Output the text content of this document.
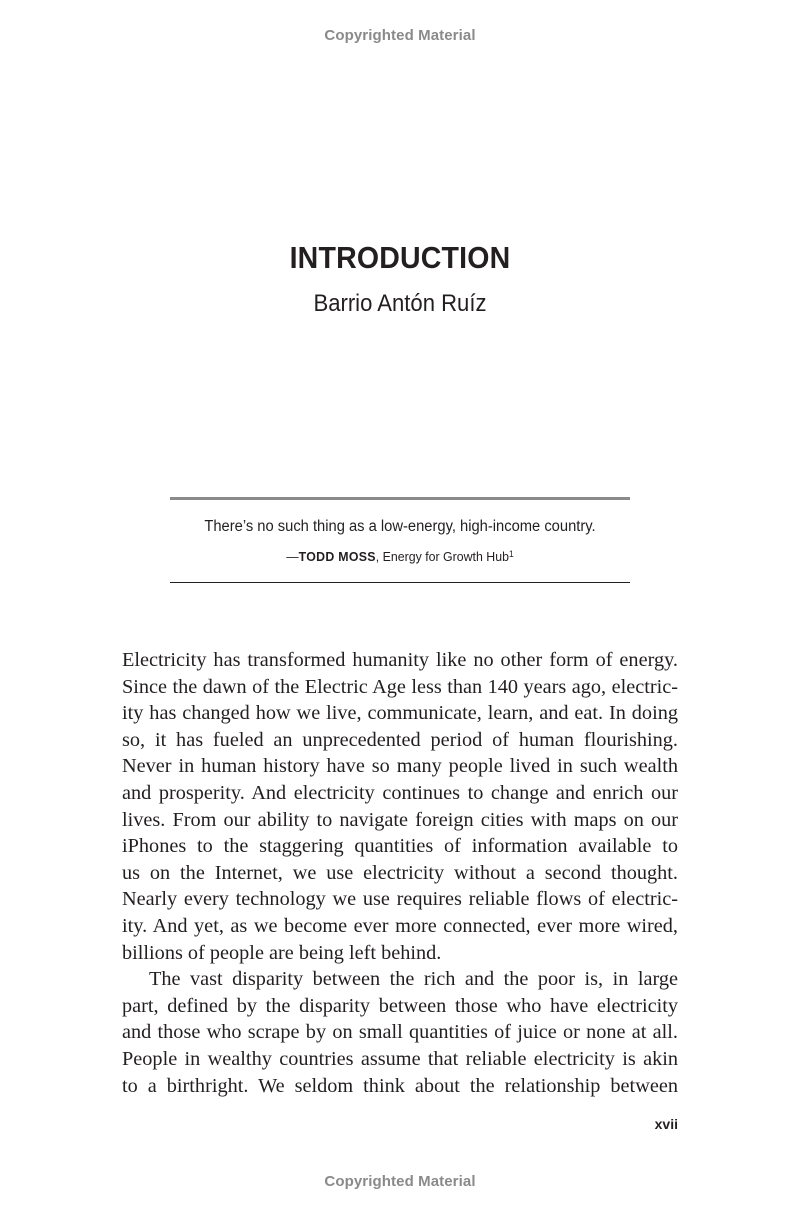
Copyrighted Material
INTRODUCTION
Barrio Antón Ruíz
There’s no such thing as a low-energy, high-income country.
—TODD MOSS, Energy for Growth Hub$^1$

Electricity has transformed humanity like no other form of energy.
Since the dawn of the Electric Age less than 140 years ago, electric-
ity has changed how we live, communicate, learn, and eat. In doing
so, it has fueled an unprecedented period of human flourishing.
Never in human history have so many people lived in such wealth
and prosperity. And electricity continues to change and enrich our
lives. From our ability to navigate foreign cities with maps on our
iPhones to the staggering quantities of information available to
us on the Internet, we use electricity without a second thought.
Nearly every technology we use requires reliable flows of electric-
ity. And yet, as we become ever more connected, ever more wired,
billions of people are being left behind.

The vast disparity between the rich and the poor is, in large
part, defined by the disparity between those who have electricity
and those who scrape by on small quantities of juice or none at all.
People in wealthy countries assume that reliable electricity is akin
to a birthright. We seldom think about the relationship between

xvii
Copyrighted Material
